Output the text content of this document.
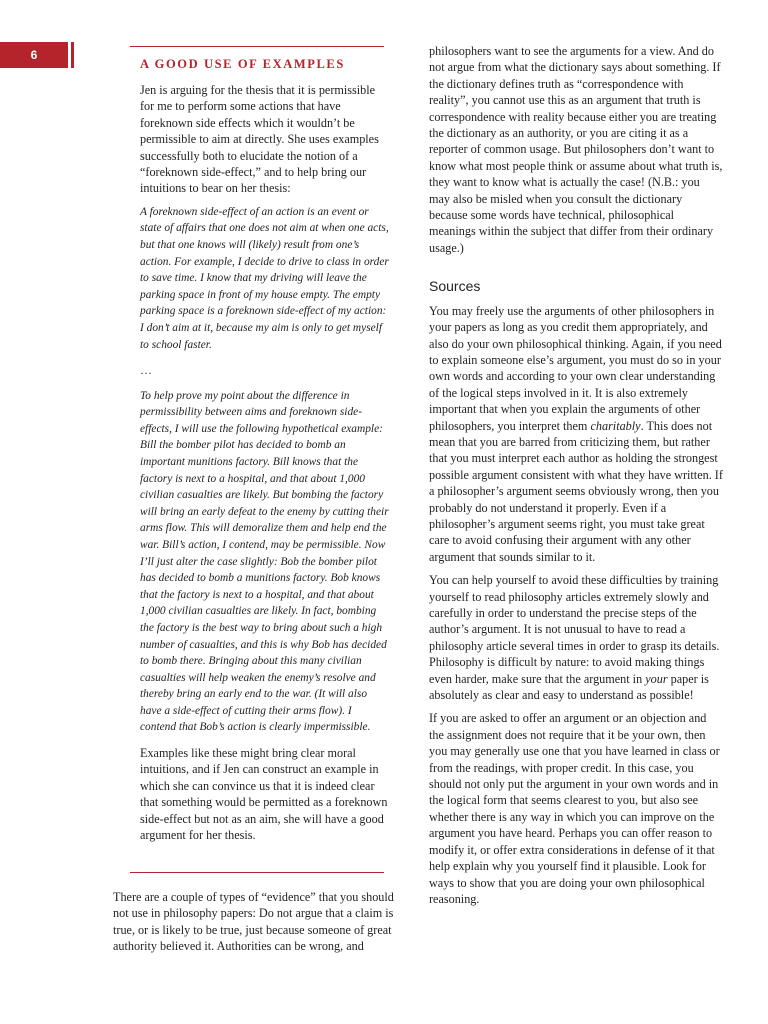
6
A GOOD USE OF EXAMPLES

Jen is arguing for the thesis that it is permissible for me to perform some actions that have foreknown side effects which it wouldn’t be permissible to aim at directly. She uses examples successfully both to elucidate the notion of a “foreknown side-effect,” and to help bring our intuitions to bear on her thesis:

A foreknown side-effect of an action is an event or state of affairs that one does not aim at when one acts, but that one knows will (likely) result from one’s action. For example, I decide to drive to class in order to save time. I know that my driving will leave the parking space in front of my house empty. The empty parking space is a foreknown side-effect of my action: I don’t aim at it, because my aim is only to get myself to school faster.

…

To help prove my point about the difference in permissibility between aims and foreknown side-effects, I will use the following hypothetical example: Bill the bomber pilot has decided to bomb an important munitions factory. Bill knows that the factory is next to a hospital, and that about 1,000 civilian casualties are likely. But bombing the factory will bring an early defeat to the enemy by cutting their arms flow. This will demoralize them and help end the war. Bill’s action, I contend, may be permissible. Now I’ll just alter the case slightly: Bob the bomber pilot has decided to bomb a munitions factory. Bob knows that the factory is next to a hospital, and that about 1,000 civilian casualties are likely. In fact, bombing the factory is the best way to bring about such a high number of casualties, and this is why Bob has decided to bomb there. Bringing about this many civilian casualties will help weaken the enemy’s resolve and thereby bring an early end to the war. (It will also have a side-effect of cutting their arms flow). I contend that Bob’s action is clearly impermissible.

Examples like these might bring clear moral intuitions, and if Jen can construct an example in which she can convince us that it is indeed clear that something would be permitted as a foreknown side-effect but not as an aim, she will have a good argument for her thesis.

There are a couple of types of “evidence” that you should not use in philosophy papers: Do not argue that a claim is true, or is likely to be true, just because someone of great authority believed it. Authorities can be wrong, and

philosophers want to see the arguments for a view. And do not argue from what the dictionary says about something. If the dictionary defines truth as “correspondence with reality”, you cannot use this as an argument that truth is correspondence with reality because either you are treating the dictionary as an authority, or you are citing it as a reporter of common usage. But philosophers don’t want to know what most people think or assume about what truth is, they want to know what is actually the case! (N.B.: you may also be misled when you consult the dictionary because some words have technical, philosophical meanings within the subject that differ from their ordinary usage.)

Sources

You may freely use the arguments of other philosophers in your papers as long as you credit them appropriately, and also do your own philosophical thinking. Again, if you need to explain someone else’s argument, you must do so in your own words and according to your own clear understanding of the logical steps involved in it. It is also extremely important that when you explain the arguments of other philosophers, you interpret them charitably. This does not mean that you are barred from criticizing them, but rather that you must interpret each author as holding the strongest possible argument consistent with what they have written. If a philosopher’s argument seems obviously wrong, then you probably do not understand it properly. Even if a philosopher’s argument seems right, you must take great care to avoid confusing their argument with any other argument that sounds similar to it.

You can help yourself to avoid these difficulties by training yourself to read philosophy articles extremely slowly and carefully in order to understand the precise steps of the author’s argument. It is not unusual to have to read a philosophy article several times in order to grasp its details. Philosophy is difficult by nature: to avoid making things even harder, make sure that the argument in your paper is absolutely as clear and easy to understand as possible!

If you are asked to offer an argument or an objection and the assignment does not require that it be your own, then you may generally use one that you have learned in class or from the readings, with proper credit. In this case, you should not only put the argument in your own words and in the logical form that seems clearest to you, but also see whether there is any way in which you can improve on the argument you have heard. Perhaps you can offer reason to modify it, or offer extra considerations in defense of it that help explain why you yourself find it plausible. Look for ways to show that you are doing your own philosophical reasoning.
